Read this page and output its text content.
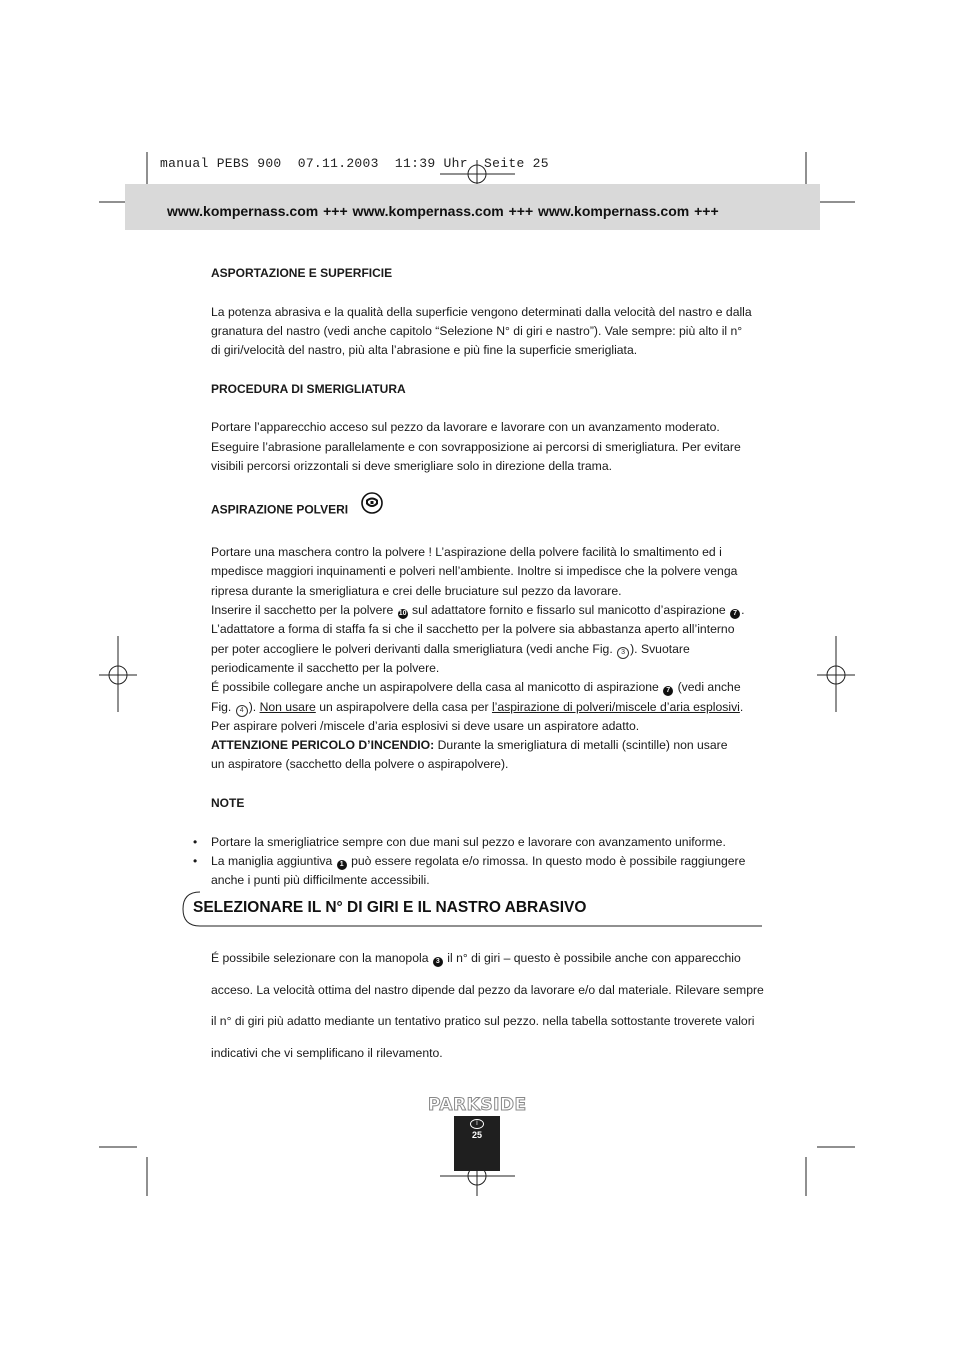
manual PEBS 900  07.11.2003  11:39 Uhr  Seite 25
www.kompernass.com +++ www.kompernass.com +++ www.kompernass.com +++

ASPORTAZIONE E SUPERFICIE

La potenza abrasiva e la qualità della superficie vengono determinati dalla velocità del nastro e dalla

granatura del nastro (vedi anche capitolo “Selezione N° di giri e nastro”). Vale sempre: più alto il n°

di giri/velocità del nastro, più alta l’abrasione e più fine la superficie smerigliata.

PROCEDURA DI SMERIGLIATURA

Portare l’apparecchio acceso sul pezzo da lavorare e lavorare con un avanzamento moderato.

Eseguire l’abrasione parallelamente e con sovrapposizione ai percorsi di smerigliatura. Per evitare

visibili percorsi orizzontali si deve smerigliare solo in direzione della trama.

ASPIRAZIONE POLVERI

Portare una maschera contro la polvere ! L’aspirazione della polvere facilità lo smaltimento ed i

mpedisce maggiori inquinamenti e polveri nell’ambiente. Inoltre si impedisce che la polvere venga

ripresa durante la smerigliatura e crei delle bruciature sul pezzo da lavorare.

Inserire il sacchetto per la polvere 10 sul adattatore fornito e fissarlo sul manicotto d’aspirazione 7 .

L’adattatore a forma di staffa fa si che il sacchetto per la polvere sia abbastanza aperto all’interno

per poter accogliere le polveri derivanti dalla smerigliatura (vedi anche Fig. 3 ). Svuotare

periodicamente il sacchetto per la polvere.

É possibile collegare anche un aspirapolvere della casa al manicotto di aspirazione 7 (vedi anche

Fig. 4 ). Non usare un aspirapolvere della casa per l’aspirazione di polveri/miscele d’aria esplosivi.

Per aspirare polveri /miscele d’aria esplosivi si deve usare un aspiratore adatto.

ATTENZIONE PERICOLO D’INCENDIO: Durante la smerigliatura di metalli (scintille) non usare

un aspiratore (sacchetto della polvere o aspirapolvere).

NOTE

• Portare la smerigliatrice sempre con due mani sul pezzo e lavorare con avanzamento uniforme.
• La maniglia aggiuntiva 1 può essere regolata e/o rimossa. In questo modo è possibile raggiungere
anche i punti più difficilmente accessibili.
SELEZIONARE IL N° DI GIRI E IL NASTRO ABRASIVO

É possibile selezionare con la manopola 3 il n° di giri – questo è possibile anche con apparecchio

acceso. La velocità ottima del nastro dipende dal pezzo da lavorare e/o dal materiale. Rilevare sempre

il n° di giri più adatto mediante un tentativo pratico sul pezzo. nella tabella sottostante troverete valori

indicativi che vi semplificano il rilevamento.

PARKSIDE
I
25
